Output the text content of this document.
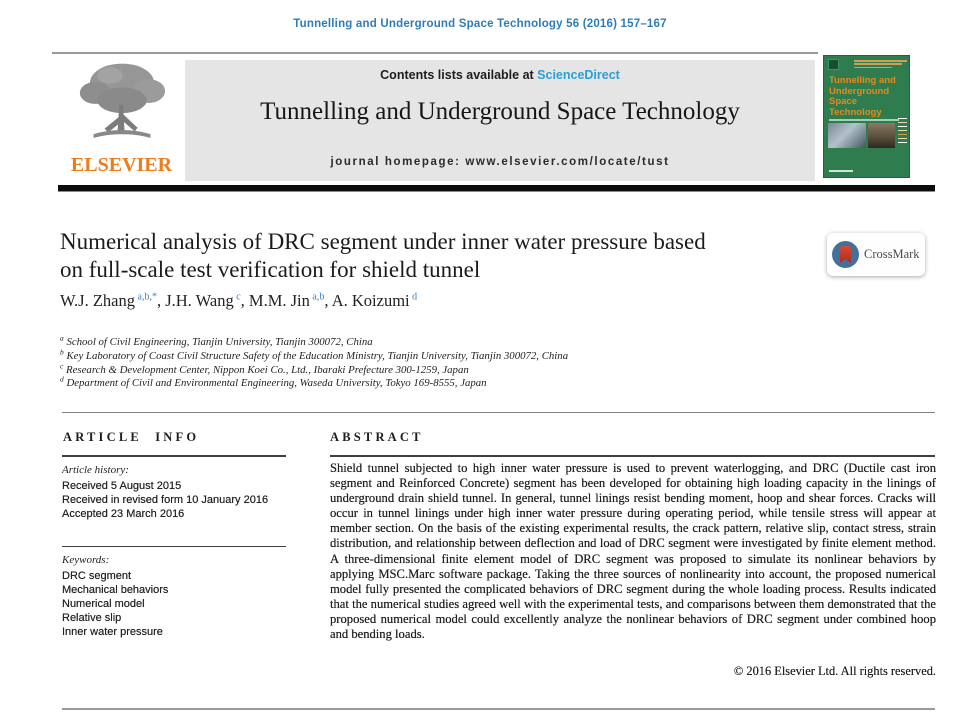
Tunnelling and Underground Space Technology 56 (2016) 157–167
ELSEVIER
Contents lists available at ScienceDirect
Tunnelling and Underground Space Technology
journal homepage: www.elsevier.com/locate/tust
Tunnelling and Underground Space Technology
Numerical analysis of DRC segment under inner water pressure based
on full-scale test verification for shield tunnel
CrossMark
W.J. Zhang $^{a,b,*}$, J.H. Wang $^c$, M.M. Jin $^{a,b}$, A. Koizumi $^d$
$^a$ School of Civil Engineering, Tianjin University, Tianjin 300072, China
$^b$ Key Laboratory of Coast Civil Structure Safety of the Education Ministry, Tianjin University, Tianjin 300072, China
$^c$ Research & Development Center, Nippon Koei Co., Ltd., Ibaraki Prefecture 300-1259, Japan
$^d$ Department of Civil and Environmental Engineering, Waseda University, Tokyo 169-8555, Japan
ARTICLE INFO
Article history:
Received 5 August 2015
Received in revised form 10 January 2016
Accepted 23 March 2016
Keywords:
DRC segment
Mechanical behaviors
Numerical model
Relative slip
Inner water pressure
ABSTRACT

Shield tunnel subjected to high inner water pressure is used to prevent waterlogging, and DRC (Ductile cast iron segment and Reinforced Concrete) segment has been developed for obtaining high loading capacity in the linings of underground drain shield tunnel. In general, tunnel linings resist bending moment, hoop and shear forces. Cracks will occur in tunnel linings under high inner water pressure during operating period, while tensile stress will appear at member section. On the basis of the existing experimental results, the crack pattern, relative slip, contact stress, strain distribution, and relationship between deflection and load of DRC segment were investigated by finite element method. A three-dimensional finite element model of DRC segment was proposed to simulate its nonlinear behaviors by applying MSC.Marc software package. Taking the three sources of nonlinearity into account, the proposed numerical model fully presented the complicated behaviors of DRC segment during the whole loading process. Results indicated that the numerical studies agreed well with the experimental tests, and comparisons between them demonstrated that the proposed numerical model could excellently analyze the nonlinear behaviors of DRC segment under combined hoop and bending loads.

© 2016 Elsevier Ltd. All rights reserved.
